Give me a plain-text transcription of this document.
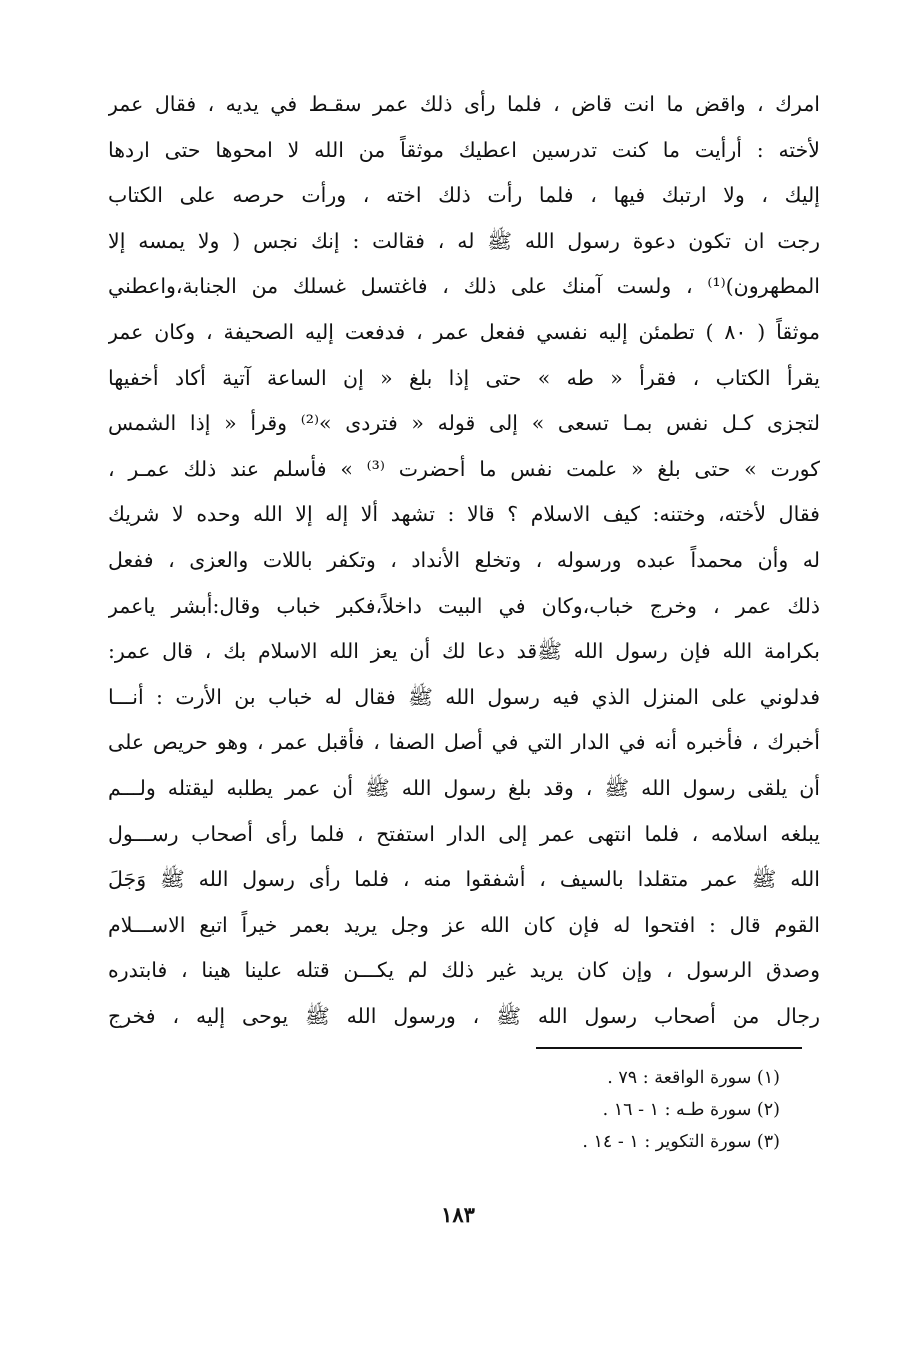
امرك ، واقض ما انت قاض ، فلما رأى ذلك عمر سقـط في يديه ، فقال عمر
لأخته : أرأيت ما كنت تدرسين اعطيك موثقاً من الله لا امحوها حتى اردها
إليك ، ولا ارتبك فيها ، فلما رأت ذلك اخته ، ورأت حرصه على الكتاب
رجت ان تكون دعوة رسول الله ﷺ له ، فقالت : إنك نجس ( ولا يمسه إلا
المطهرون)⁽¹⁾ ، ولست آمنك على ذلك ، فاغتسل غسلك من الجنابة،واعطني
موثقاً ( ٨٠ ) تطمئن إليه نفسي ففعل عمر ، فدفعت إليه الصحيفة ، وكان عمر
يقرأ الكتاب ، فقرأ « طه » حتى إذا بلغ « إن الساعة آتية أكاد أخفيها
لتجزى كـل نفس بمـا تسعى » إلى قوله « فتردى »⁽²⁾ وقرأ « إذا الشمس
كورت » حتى بلغ « علمت نفس ما أحضرت ⁽³⁾ » فأسلم عند ذلك عمـر ،
فقال لأخته، وختنه: كيف الاسلام ؟ قالا : تشهد ألا إله إلا الله وحده لا شريك
له وأن محمداً عبده ورسوله ، وتخلع الأنداد ، وتكفر باللات والعزى ، ففعل
ذلك عمر ، وخرج خباب،وكان في البيت داخلاً،فكبر خباب وقال:أبشر ياعمر
بكرامة الله فإن رسول الله ﷺقد دعا لك أن يعز الله الاسلام بك ، قال عمر:
فدلوني على المنزل الذي فيه رسول الله ﷺ فقال له خباب بن الأرت : أنـــا
أخبرك ، فأخبره أنه في الدار التي في أصل الصفا ، فأقبل عمر ، وهو حريص على
أن يلقى رسول الله ﷺ ، وقد بلغ رسول الله ﷺ أن عمر يطلبه ليقتله ولـــم
يبلغه اسلامه ، فلما انتهى عمر إلى الدار استفتح ، فلما رأى أصحاب رســـول
الله ﷺ عمر متقلدا بالسيف ، أشفقوا منه ، فلما رأى رسول الله ﷺ وَجَلَ
القوم قال : افتحوا له فإن كان الله عز وجل يريد بعمر خيراً اتبع الاســـلام
وصدق الرسول ، وإن كان يريد غير ذلك لم يكـــن قتله علينا هينا ، فابتدره
رجال من أصحاب رسول الله ﷺ ، ورسول الله ﷺ يوحى إليه ، فخرج
(١) سورة الواقعة : ٧٩ .
(٢) سورة طـه : ١ - ١٦ .
(٣) سورة التكوير : ١ - ١٤ .
١٨٣
